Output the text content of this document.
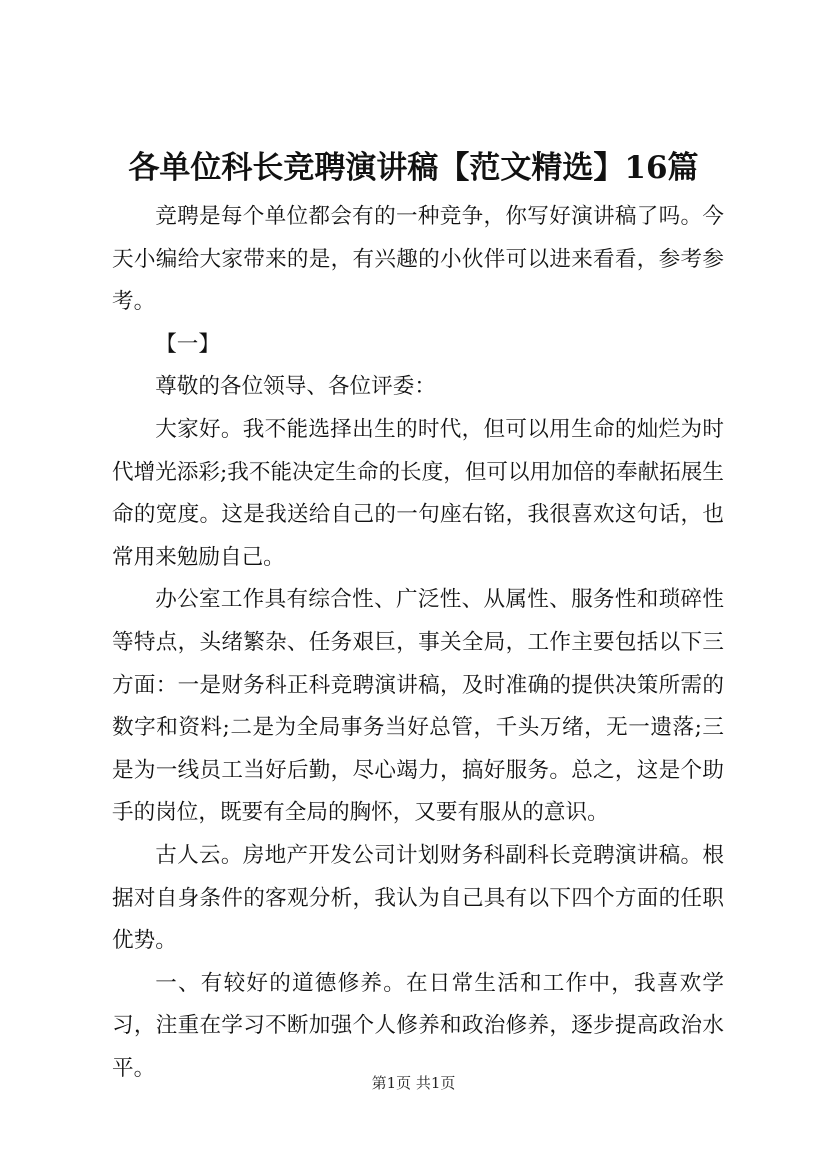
各单位科长竞聘演讲稿【范文精选】16篇

竞聘是每个单位都会有的一种竞争，你写好演讲稿了吗。今天小编给大家带来的是，有兴趣的小伙伴可以进来看看，参考参考。

【一】

尊敬的各位领导、各位评委：

大家好。我不能选择出生的时代，但可以用生命的灿烂为时代增光添彩;我不能决定生命的长度，但可以用加倍的奉献拓展生命的宽度。这是我送给自己的一句座右铭，我很喜欢这句话，也常用来勉励自己。

办公室工作具有综合性、广泛性、从属性、服务性和琐碎性等特点，头绪繁杂、任务艰巨，事关全局，工作主要包括以下三方面：一是财务科正科竞聘演讲稿，及时准确的提供决策所需的数字和资料;二是为全局事务当好总管，千头万绪，无一遗落;三是为一线员工当好后勤，尽心竭力，搞好服务。总之，这是个助手的岗位，既要有全局的胸怀，又要有服从的意识。

古人云。房地产开发公司计划财务科副科长竞聘演讲稿。根据对自身条件的客观分析，我认为自己具有以下四个方面的任职优势。

一、有较好的道德修养。在日常生活和工作中，我喜欢学习，注重在学习不断加强个人修养和政治修养，逐步提高政治水平。

第1页 共1页
